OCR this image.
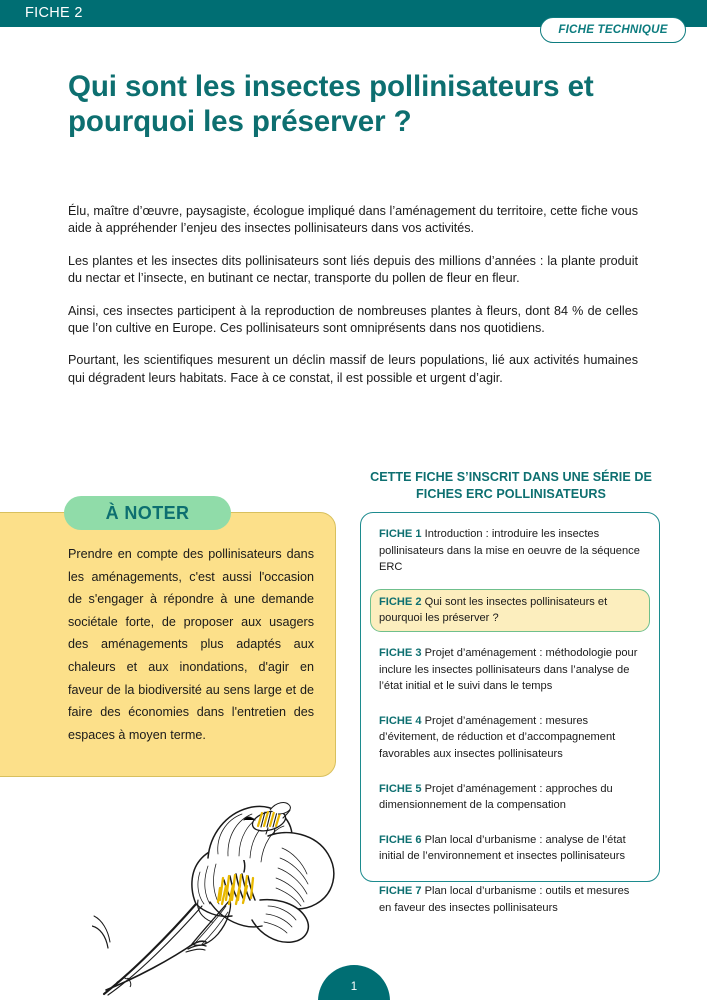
FICHE 2
FICHE TECHNIQUE
Qui sont les insectes pollinisateurs et pourquoi les préserver ?

Élu, maître d’œuvre, paysagiste, écologue impliqué dans l’aménagement du territoire, cette fiche vous aide à appréhender l’enjeu des insectes pollinisateurs dans vos activités.

Les plantes et les insectes dits pollinisateurs sont liés depuis des millions d’années : la plante produit du nectar et l’insecte, en butinant ce nectar, transporte du pollen de fleur en fleur.

Ainsi, ces insectes participent à la reproduction de nombreuses plantes à fleurs, dont 84 % de celles que l’on cultive en Europe. Ces pollinisateurs sont omniprésents dans nos quotidiens.

Pourtant, les scientifiques mesurent un déclin massif de leurs populations, lié aux activités humaines qui dégradent leurs habitats. Face à ce constat, il est possible et urgent d’agir.

Prendre en compte des pollinisateurs dans les aménagements, c'est aussi l'occasion de s'engager à répondre à une demande sociétale forte, de proposer aux usagers des aménagements plus adaptés aux chaleurs et aux inondations, d'agir en faveur de la biodiversité au sens large et de faire des économies dans l'entretien des espaces à moyen terme.

À NOTER
CETTE FICHE S’INSCRIT DANS UNE SÉRIE DE FICHES ERC POLLINISATEURS
FICHE 1 Introduction : introduire les insectes pollinisateurs dans la mise en oeuvre de la séquence ERC
FICHE 2 Qui sont les insectes pollinisateurs et pourquoi les préserver ?
FICHE 3 Projet d’aménagement : méthodologie pour inclure les insectes pollinisateurs dans l’analyse de l’état initial et le suivi dans le temps
FICHE 4 Projet d’aménagement : mesures d’évitement, de réduction et d’accompagnement favorables aux insectes pollinisateurs
FICHE 5 Projet d’aménagement : approches du dimensionnement de la compensation
FICHE 6 Plan local d’urbanisme : analyse de l’état initial de l’environnement et insectes pollinisateurs
FICHE 7 Plan local d’urbanisme : outils et mesures en faveur des insectes pollinisateurs
1
